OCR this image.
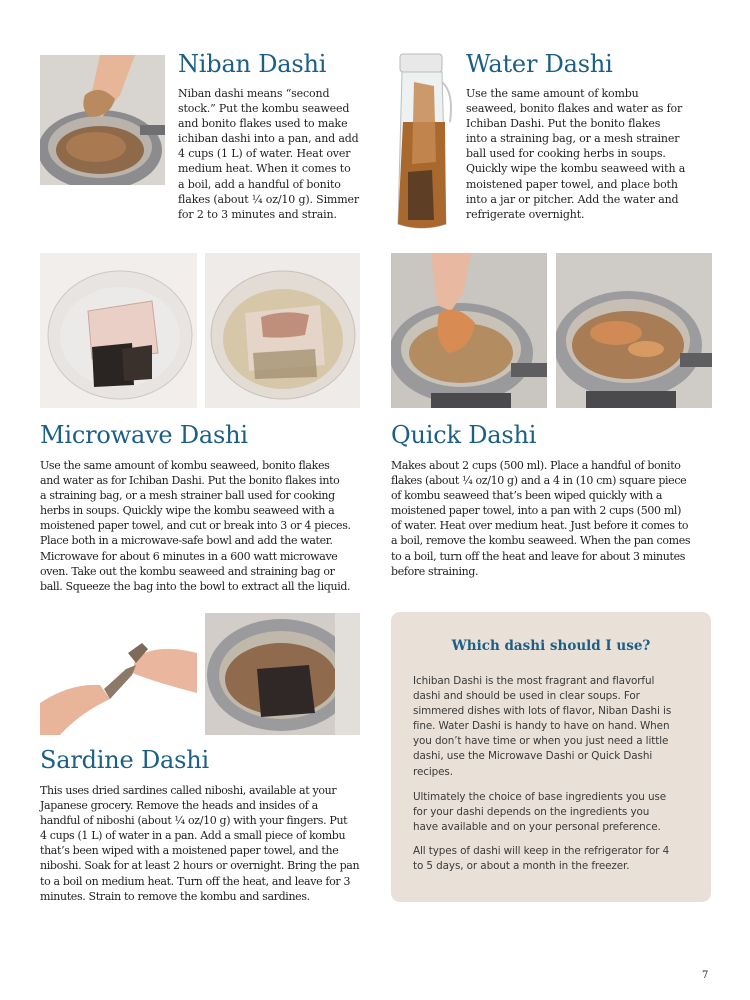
Niban Dashi
Niban dashi means “second
stock.” Put the kombu seaweed
and bonito flakes used to make
ichiban dashi into a pan, and add
4 cups (1 L) of water. Heat over
medium heat. When it comes to
a boil, add a handful of bonito
flakes (about ¼ oz/10 g). Simmer
for 2 to 3 minutes and strain.
Water Dashi
Use the same amount of kombu
seaweed, bonito flakes and water as for
Ichiban Dashi. Put the bonito flakes
into a straining bag, or a mesh strainer
ball used for cooking herbs in soups.
Quickly wipe the kombu seaweed with a
moistened paper towel, and place both
into a jar or pitcher. Add the water and
refrigerate overnight.
Microwave Dashi
Use the same amount of kombu seaweed, bonito flakes
and water as for Ichiban Dashi. Put the bonito flakes into
a straining bag, or a mesh strainer ball used for cooking
herbs in soups. Quickly wipe the kombu seaweed with a
moistened paper towel, and cut or break into 3 or 4 pieces.
Place both in a microwave-safe bowl and add the water.
Microwave for about 6 minutes in a 600 watt microwave
oven. Take out the kombu seaweed and straining bag or
ball. Squeeze the bag into the bowl to extract all the liquid.
Quick Dashi
Makes about 2 cups (500 ml). Place a handful of bonito
flakes (about ¼ oz/10 g) and a 4 in (10 cm) square piece
of kombu seaweed that’s been wiped quickly with a
moistened paper towel, into a pan with 2 cups (500 ml)
of water. Heat over medium heat. Just before it comes to
a boil, remove the kombu seaweed. When the pan comes
to a boil, turn off the heat and leave for about 3 minutes
before straining.
Sardine Dashi
This uses dried sardines called niboshi, available at your
Japanese grocery. Remove the heads and insides of a
handful of niboshi (about ¼ oz/10 g) with your fingers. Put
4 cups (1 L) of water in a pan. Add a small piece of kombu
that’s been wiped with a moistened paper towel, and the
niboshi. Soak for at least 2 hours or overnight. Bring the pan
to a boil on medium heat. Turn off the heat, and leave for 3
minutes. Strain to remove the kombu and sardines.
Which dashi should I use?
Ichiban Dashi is the most fragrant and flavorful
dashi and should be used in clear soups. For
simmered dishes with lots of flavor, Niban Dashi is
fine. Water Dashi is handy to have on hand. When
you don’t have time or when you just need a little
dashi, use the Microwave Dashi or Quick Dashi
recipes.
Ultimately the choice of base ingredients you use
for your dashi depends on the ingredients you
have available and on your personal preference.
All types of dashi will keep in the refrigerator for 4
to 5 days, or about a month in the freezer.
7
